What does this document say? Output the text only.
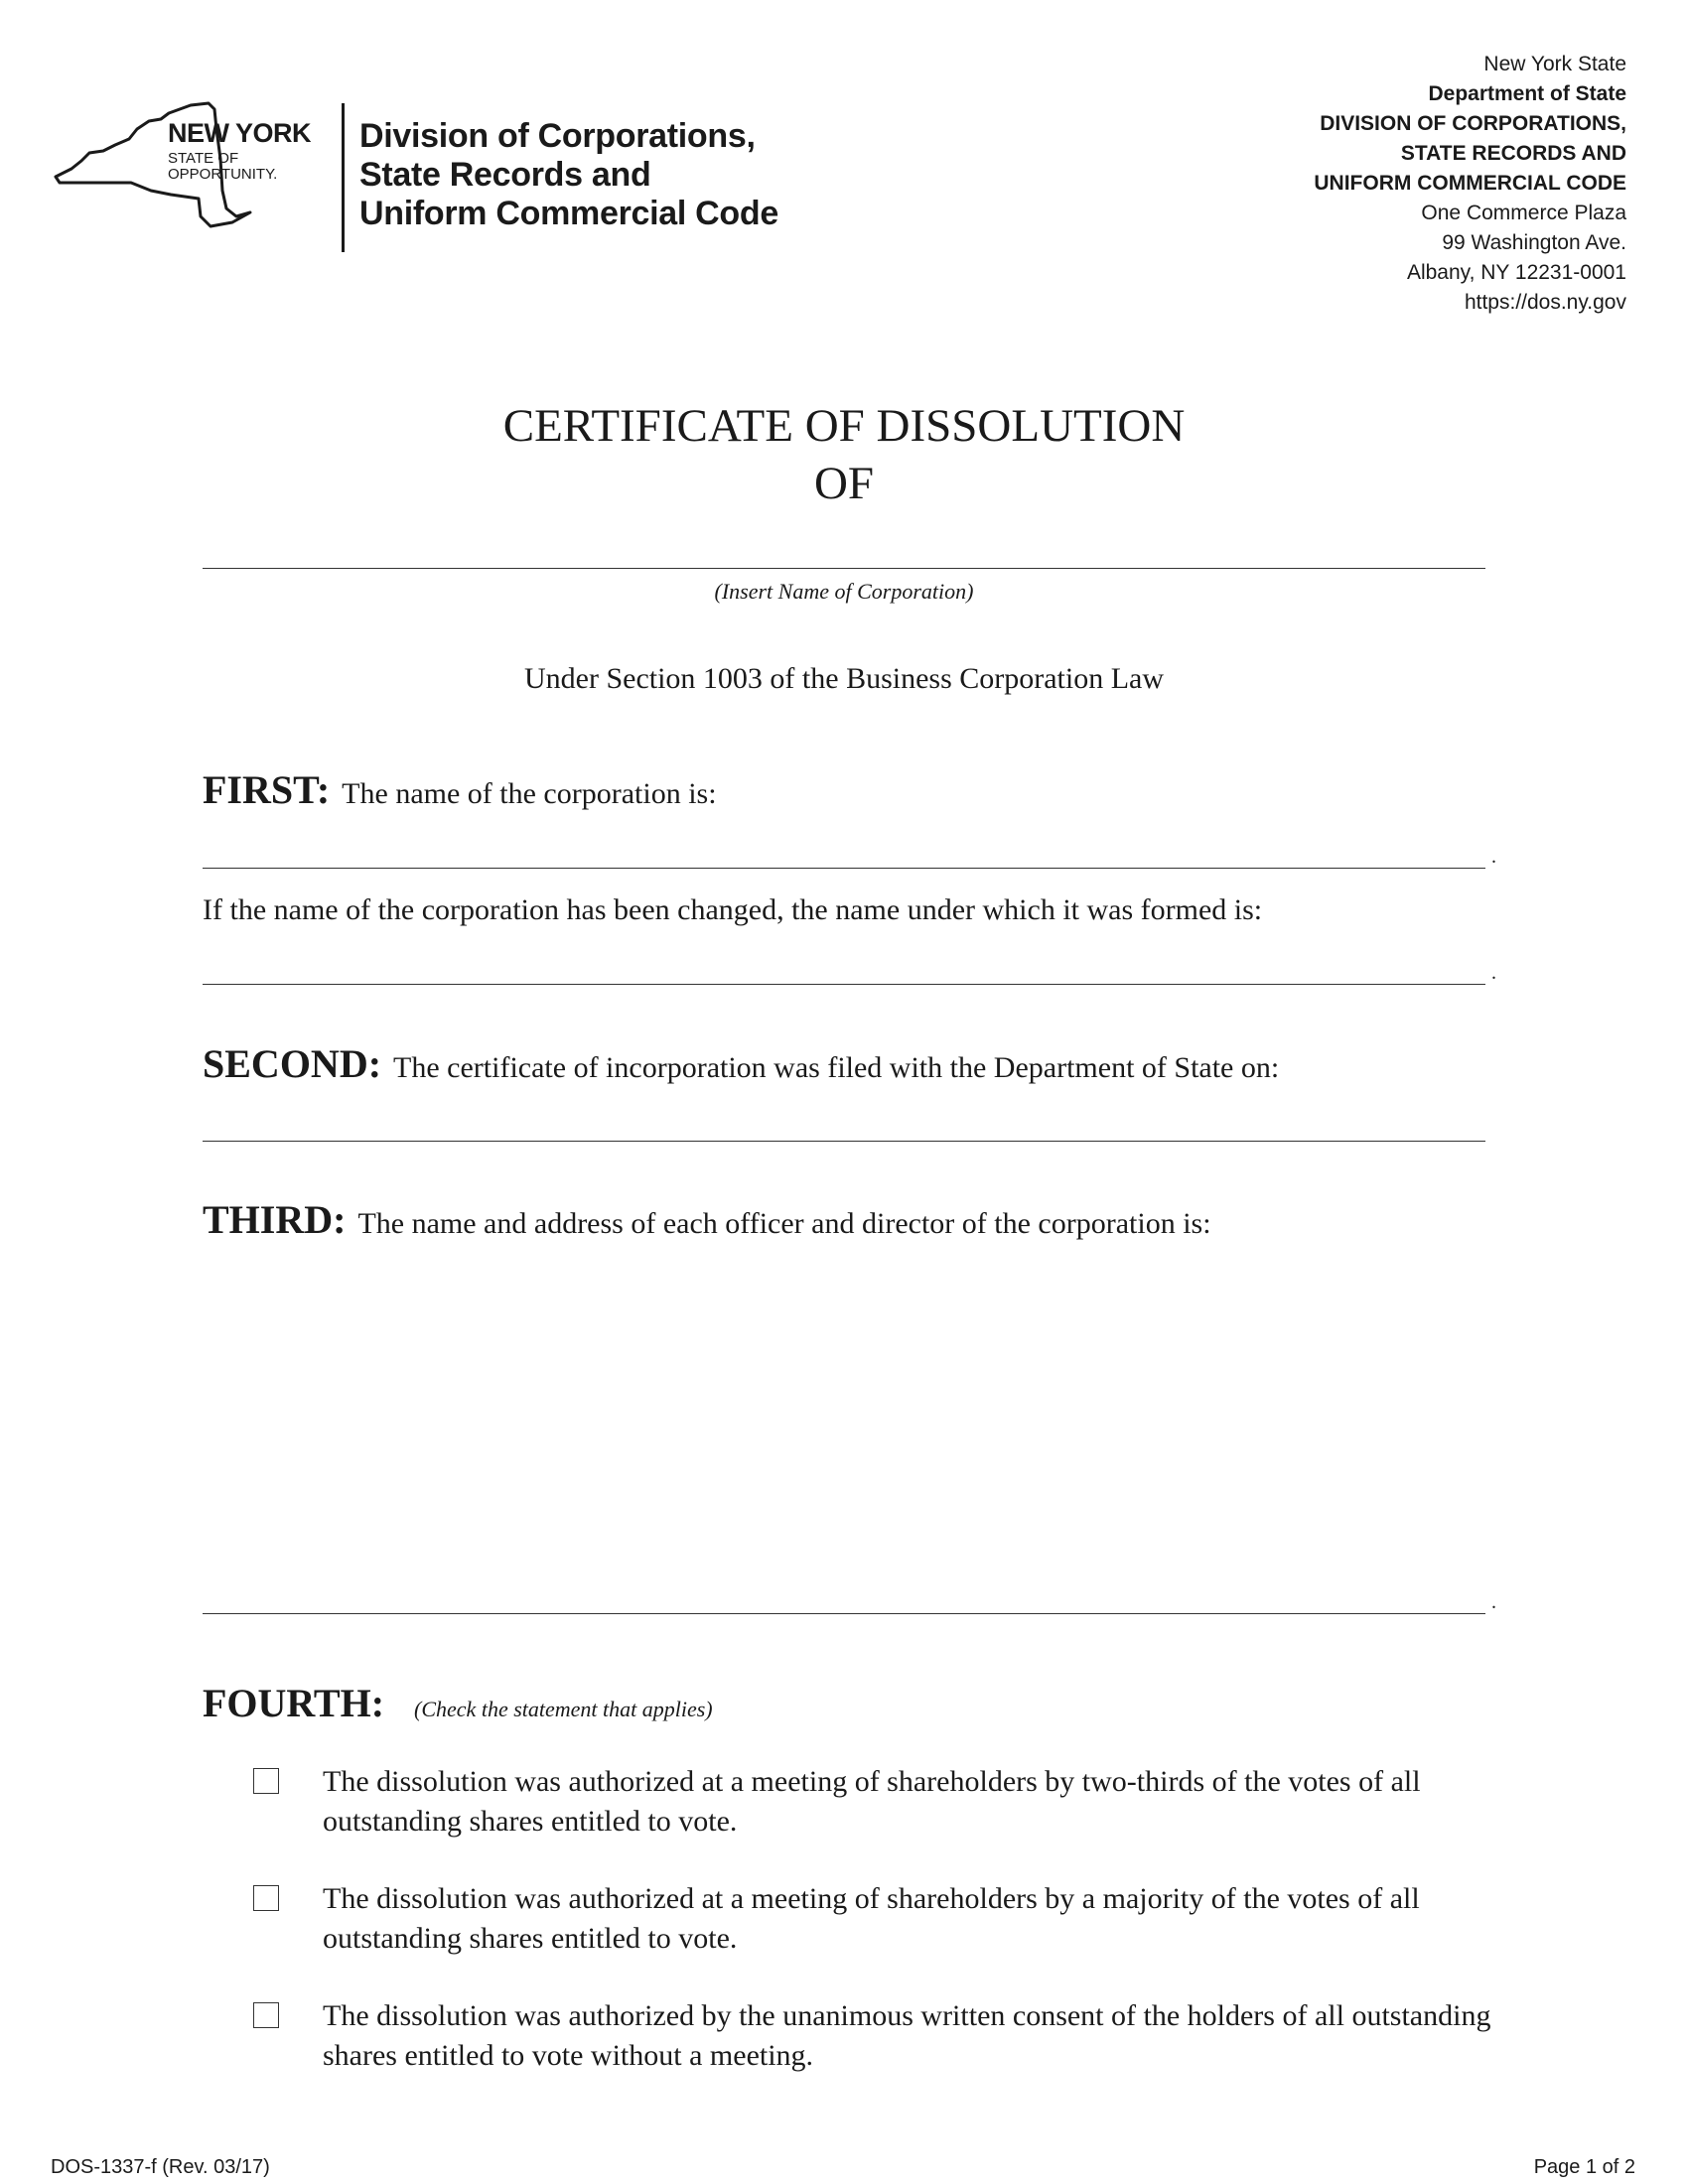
NEW YORK
STATE OF
OPPORTUNITY.
Division of Corporations,
State Records and
Uniform Commercial Code
New York State
Department of State
DIVISION OF CORPORATIONS,
STATE RECORDS AND
UNIFORM COMMERCIAL CODE
One Commerce Plaza
99 Washington Ave.
Albany, NY 12231-0001
https://dos.ny.gov
CERTIFICATE OF DISSOLUTION
OF
(Insert Name of Corporation)
Under Section 1003 of the Business Corporation Law
FIRST: The name of the corporation is:
.
If the name of the corporation has been changed, the name under which it was formed is:
.
SECOND: The certificate of incorporation was filed with the Department of State on:
THIRD: The name and address of each officer and director of the corporation is:
.
FOURTH: (Check the statement that applies)
The dissolution was authorized at a meeting of shareholders by two-thirds of the votes of all outstanding shares entitled to vote.
The dissolution was authorized at a meeting of shareholders by a majority of the votes of all outstanding shares entitled to vote.
The dissolution was authorized by the unanimous written consent of the holders of all outstanding shares entitled to vote without a meeting.
DOS-1337-f (Rev. 03/17)	Page 1 of 2
